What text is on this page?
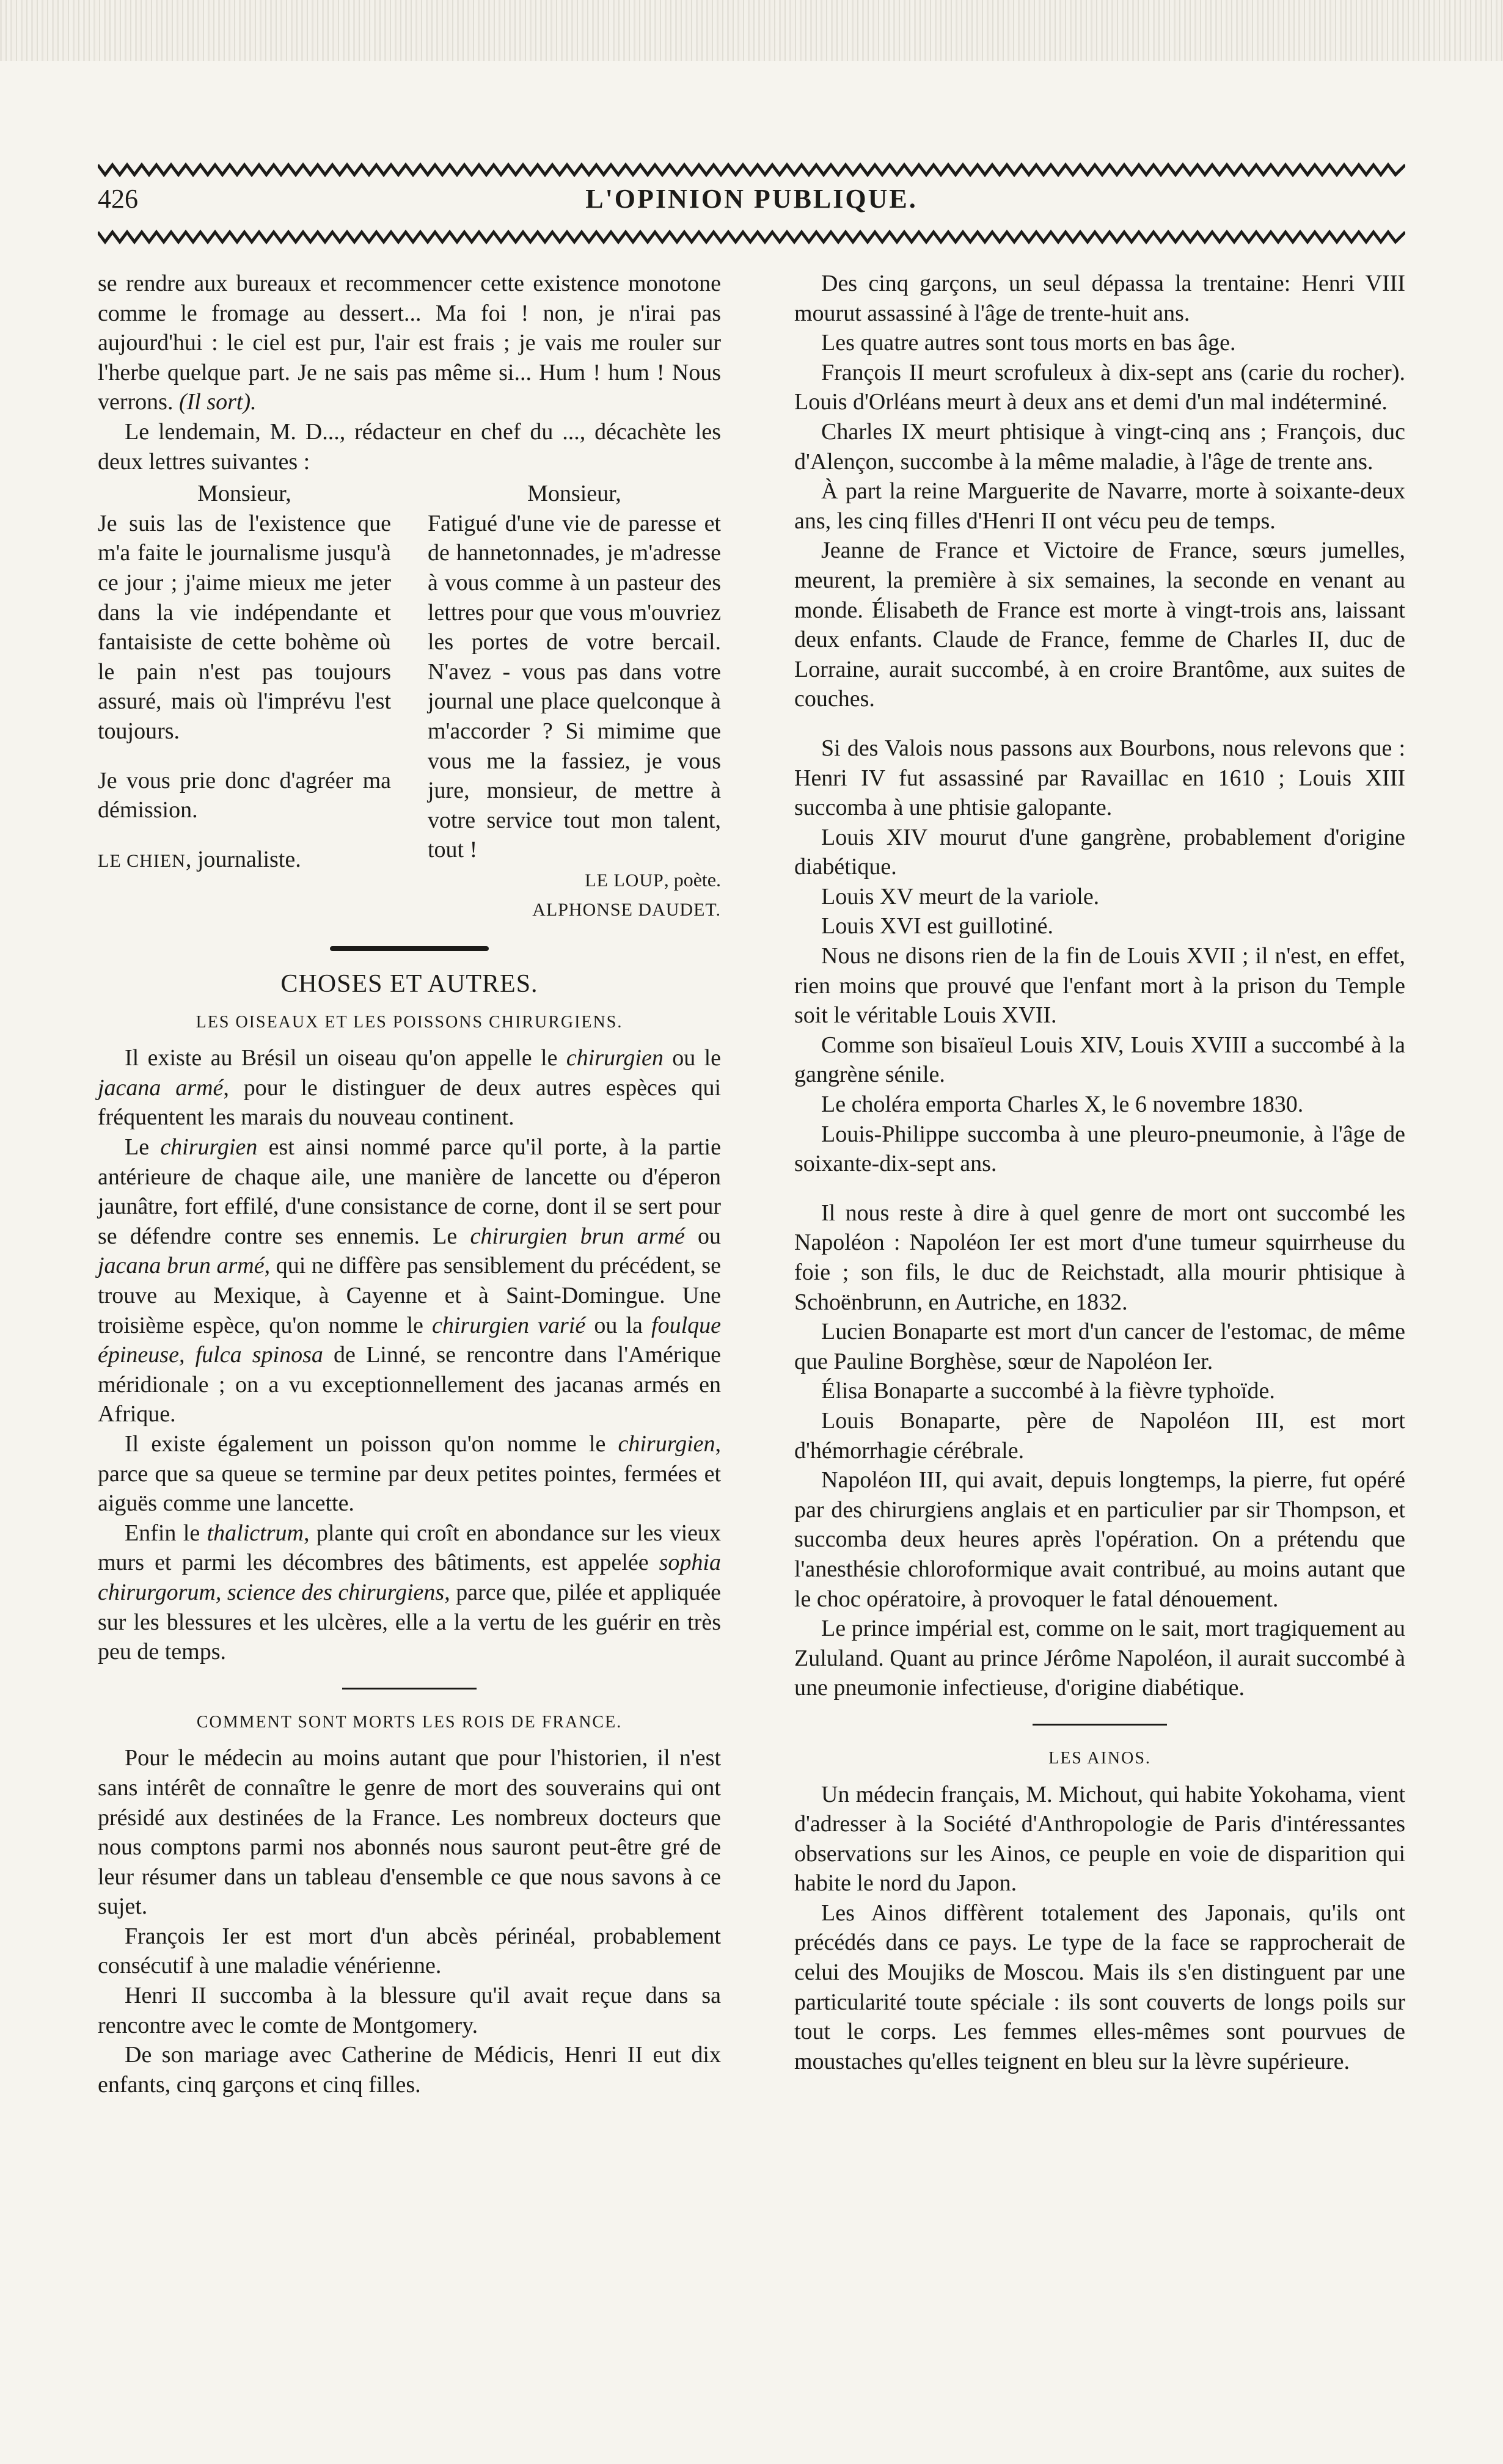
426	L'OPINION PUBLIQUE.

se rendre aux bureaux et recommencer cette existence monotone comme le fromage au dessert... Ma foi ! non, je n'irai pas aujourd'hui : le ciel est pur, l'air est frais ; je vais me rouler sur l'herbe quelque part. Je ne sais pas même si... Hum ! hum ! Nous verrons. (Il sort).

Le lendemain, M. D..., rédacteur en chef du ..., décachète les deux lettres suivantes :

Monsieur,

Je suis las de l'existence que m'a faite le journalisme jusqu'à ce jour ; j'aime mieux me jeter dans la vie indépendante et fantaisiste de cette bohème où le pain n'est pas toujours assuré, mais où l'imprévu l'est toujours.

Je vous prie donc d'agréer ma démission.

LE CHIEN, journaliste.

Monsieur,

Fatigué d'une vie de paresse et de hannetonnades, je m'adresse à vous comme à un pasteur des lettres pour que vous m'ouvriez les portes de votre bercail. N'avez - vous pas dans votre journal une place quelconque à m'accorder ? Si mimime que vous me la fassiez, je vous jure, monsieur, de mettre à votre service tout mon talent, tout !

LE LOUP, poète.

ALPHONSE DAUDET.

CHOSES ET AUTRES.
LES OISEAUX ET LES POISSONS CHIRURGIENS.

Il existe au Brésil un oiseau qu'on appelle le chirurgien ou le jacana armé, pour le distinguer de deux autres espèces qui fréquentent les marais du nouveau continent.

Le chirurgien est ainsi nommé parce qu'il porte, à la partie antérieure de chaque aile, une manière de lancette ou d'éperon jaunâtre, fort effilé, d'une consistance de corne, dont il se sert pour se défendre contre ses ennemis. Le chirurgien brun armé ou jacana brun armé, qui ne diffère pas sensiblement du précédent, se trouve au Mexique, à Cayenne et à Saint-Domingue. Une troisième espèce, qu'on nomme le chirurgien varié ou la foulque épineuse, fulca spinosa de Linné, se rencontre dans l'Amérique méridionale ; on a vu exceptionnellement des jacanas armés en Afrique.

Il existe également un poisson qu'on nomme le chirurgien, parce que sa queue se termine par deux petites pointes, fermées et aiguës comme une lancette.

Enfin le thalictrum, plante qui croît en abondance sur les vieux murs et parmi les décombres des bâtiments, est appelée sophia chirurgorum, science des chirurgiens, parce que, pilée et appliquée sur les blessures et les ulcères, elle a la vertu de les guérir en très peu de temps.

COMMENT SONT MORTS LES ROIS DE FRANCE.

Pour le médecin au moins autant que pour l'historien, il n'est sans intérêt de connaître le genre de mort des souverains qui ont présidé aux destinées de la France. Les nombreux docteurs que nous comptons parmi nos abonnés nous sauront peut-être gré de leur résumer dans un tableau d'ensemble ce que nous savons à ce sujet.

François Ier est mort d'un abcès périnéal, probablement consécutif à une maladie vénérienne.

Henri II succomba à la blessure qu'il avait reçue dans sa rencontre avec le comte de Montgomery.

De son mariage avec Catherine de Médicis, Henri II eut dix enfants, cinq garçons et cinq filles.

Des cinq garçons, un seul dépassa la trentaine: Henri VIII mourut assassiné à l'âge de trente-huit ans.

Les quatre autres sont tous morts en bas âge.

François II meurt scrofuleux à dix-sept ans (carie du rocher). Louis d'Orléans meurt à deux ans et demi d'un mal indéterminé.

Charles IX meurt phtisique à vingt-cinq ans ; François, duc d'Alençon, succombe à la même maladie, à l'âge de trente ans.

À part la reine Marguerite de Navarre, morte à soixante-deux ans, les cinq filles d'Henri II ont vécu peu de temps.

Jeanne de France et Victoire de France, sœurs jumelles, meurent, la première à six semaines, la seconde en venant au monde. Élisabeth de France est morte à vingt-trois ans, laissant deux enfants. Claude de France, femme de Charles II, duc de Lorraine, aurait succombé, à en croire Brantôme, aux suites de couches.

Si des Valois nous passons aux Bourbons, nous relevons que : Henri IV fut assassiné par Ravaillac en 1610 ; Louis XIII succomba à une phtisie galopante.

Louis XIV mourut d'une gangrène, probablement d'origine diabétique.

Louis XV meurt de la variole.

Louis XVI est guillotiné.

Nous ne disons rien de la fin de Louis XVII ; il n'est, en effet, rien moins que prouvé que l'enfant mort à la prison du Temple soit le véritable Louis XVII.

Comme son bisaïeul Louis XIV, Louis XVIII a succombé à la gangrène sénile.

Le choléra emporta Charles X, le 6 novembre 1830.

Louis-Philippe succomba à une pleuro-pneumonie, à l'âge de soixante-dix-sept ans.

Il nous reste à dire à quel genre de mort ont succombé les Napoléon : Napoléon Ier est mort d'une tumeur squirrheuse du foie ; son fils, le duc de Reichstadt, alla mourir phtisique à Schoënbrunn, en Autriche, en 1832.

Lucien Bonaparte est mort d'un cancer de l'estomac, de même que Pauline Borghèse, sœur de Napoléon Ier.

Élisa Bonaparte a succombé à la fièvre typhoïde.

Louis Bonaparte, père de Napoléon III, est mort d'hémorrhagie cérébrale.

Napoléon III, qui avait, depuis longtemps, la pierre, fut opéré par des chirurgiens anglais et en particulier par sir Thompson, et succomba deux heures après l'opération. On a prétendu que l'anesthésie chloroformique avait contribué, au moins autant que le choc opératoire, à provoquer le fatal dénouement.

Le prince impérial est, comme on le sait, mort tragiquement au Zululand. Quant au prince Jérôme Napoléon, il aurait succombé à une pneumonie infectieuse, d'origine diabétique.

LES AINOS.

Un médecin français, M. Michout, qui habite Yokohama, vient d'adresser à la Société d'Anthropologie de Paris d'intéressantes observations sur les Ainos, ce peuple en voie de disparition qui habite le nord du Japon.

Les Ainos diffèrent totalement des Japonais, qu'ils ont précédés dans ce pays. Le type de la face se rapprocherait de celui des Moujiks de Moscou. Mais ils s'en distinguent par une particularité toute spéciale : ils sont couverts de longs poils sur tout le corps. Les femmes elles-mêmes sont pourvues de moustaches qu'elles teignent en bleu sur la lèvre supérieure.
